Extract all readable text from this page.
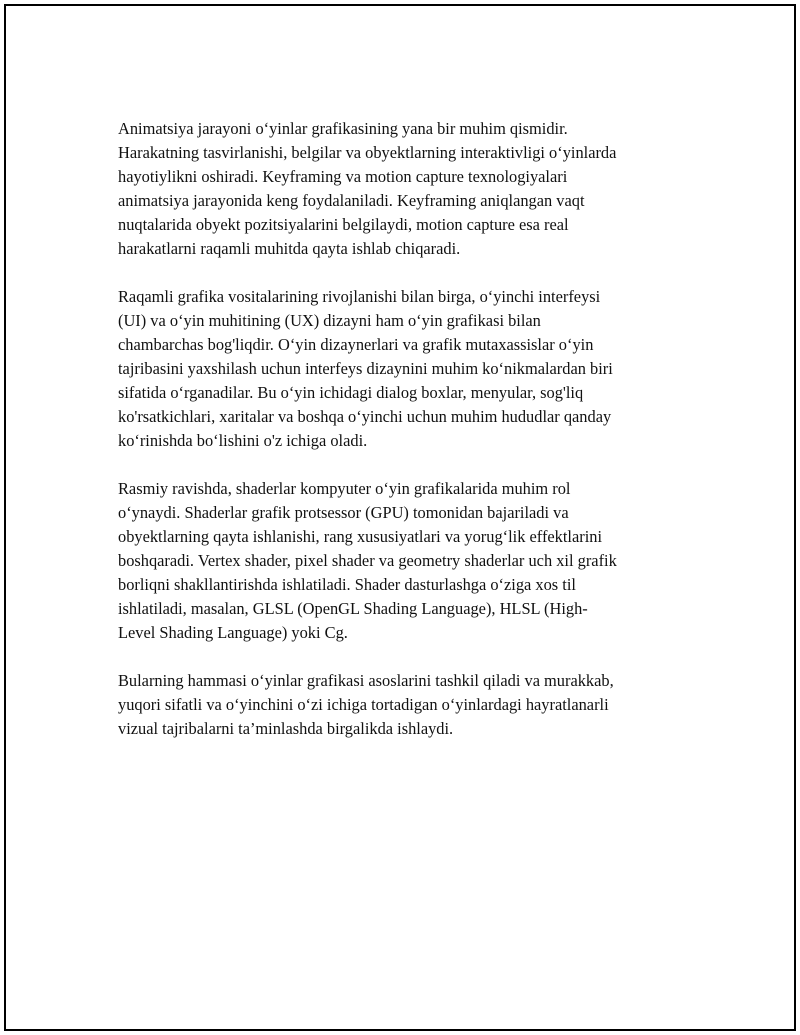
Animatsiya jarayoni o‘yinlar grafikasining yana bir muhim qismidir.
Harakatning tasvirlanishi, belgilar va obyektlarning interaktivligi o‘yinlarda
hayotiylikni oshiradi. Keyframing va motion capture texnologiyalari
animatsiya jarayonida keng foydalaniladi. Keyframing aniqlangan vaqt
nuqtalarida obyekt pozitsiyalarini belgilaydi, motion capture esa real
harakatlarni raqamli muhitda qayta ishlab chiqaradi.

Raqamli grafika vositalarining rivojlanishi bilan birga, o‘yinchi interfeysi
(UI) va o‘yin muhitining (UX) dizayni ham o‘yin grafikasi bilan
chambarchas bog'liqdir. O‘yin dizaynerlari va grafik mutaxassislar o‘yin
tajribasini yaxshilash uchun interfeys dizaynini muhim ko‘nikmalardan biri
sifatida o‘rganadilar. Bu o‘yin ichidagi dialog boxlar, menyular, sog'liq
ko'rsatkichlari, xaritalar va boshqa o‘yinchi uchun muhim hududlar qanday
ko‘rinishda bo‘lishini o'z ichiga oladi.

Rasmiy ravishda, shaderlar kompyuter o‘yin grafikalarida muhim rol
o‘ynaydi. Shaderlar grafik protsessor (GPU) tomonidan bajariladi va
obyektlarning qayta ishlanishi, rang xususiyatlari va yorug‘lik effektlarini
boshqaradi. Vertex shader, pixel shader va geometry shaderlar uch xil grafik
borliqni shakllantirishda ishlatiladi. Shader dasturlashga o‘ziga xos til
ishlatiladi, masalan, GLSL (OpenGL Shading Language), HLSL (High-
Level Shading Language) yoki Cg.

Bularning hammasi o‘yinlar grafikasi asoslarini tashkil qiladi va murakkab,
yuqori sifatli va o‘yinchini o‘zi ichiga tortadigan o‘yinlardagi hayratlanarli
vizual tajribalarni ta’minlashda birgalikda ishlaydi.
